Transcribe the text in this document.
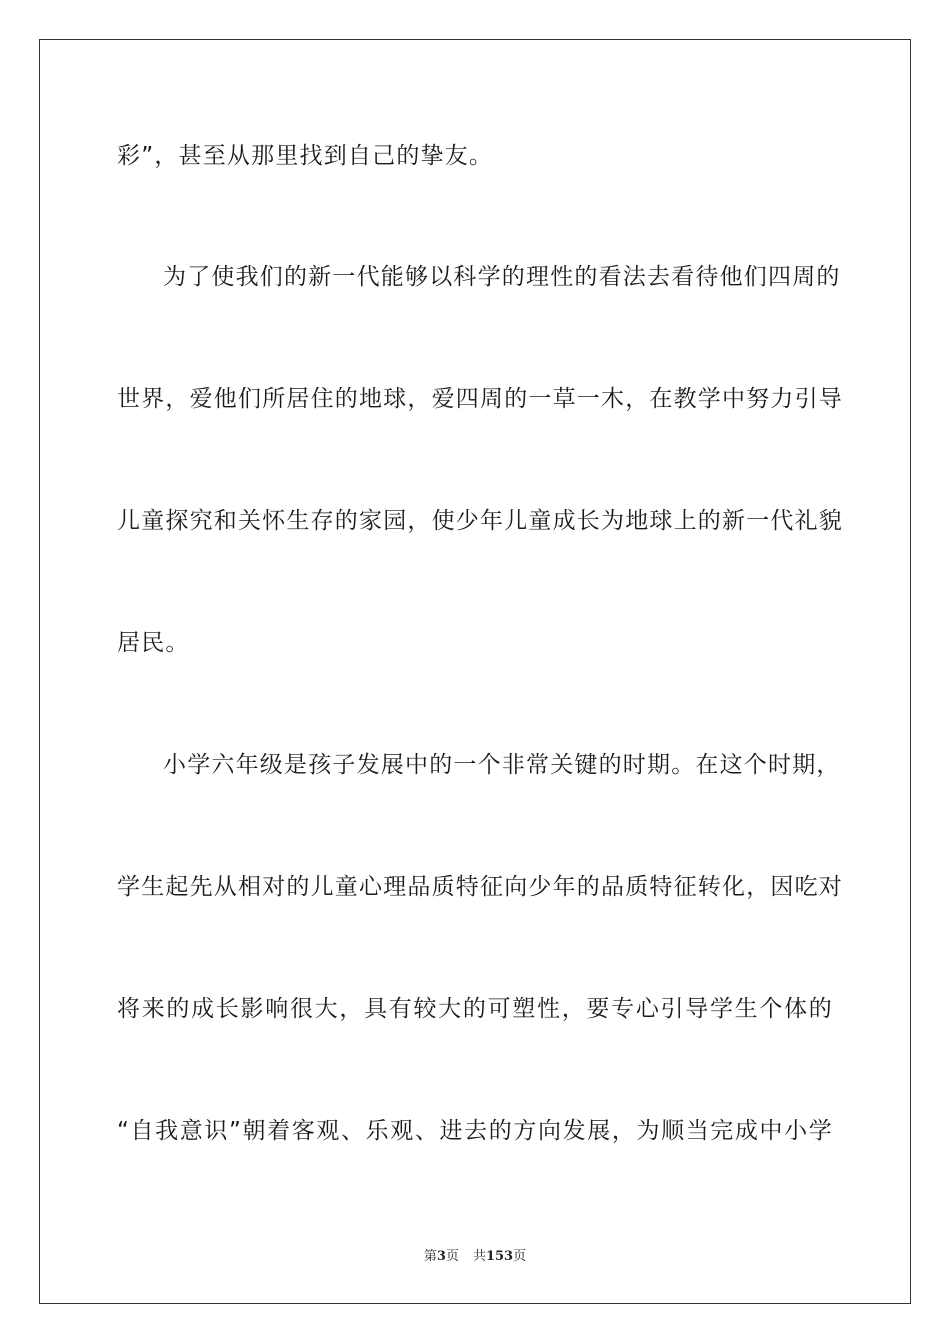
彩”，甚至从那里找到自己的挚友。
为了使我们的新一代能够以科学的理性的看法去看待他们四周的
世界，爱他们所居住的地球，爱四周的一草一木，在教学中努力引导
儿童探究和关怀生存的家园，使少年儿童成长为地球上的新一代礼貌
居民。
小学六年级是孩子发展中的一个非常关键的时期。在这个时期，
学生起先从相对的儿童心理品质特征向少年的品质特征转化，因吃对
将来的成长影响很大，具有较大的可塑性，要专心引导学生个体的
“自我意识”朝着客观、乐观、进去的方向发展，为顺当完成中小学
第3页 共153页
